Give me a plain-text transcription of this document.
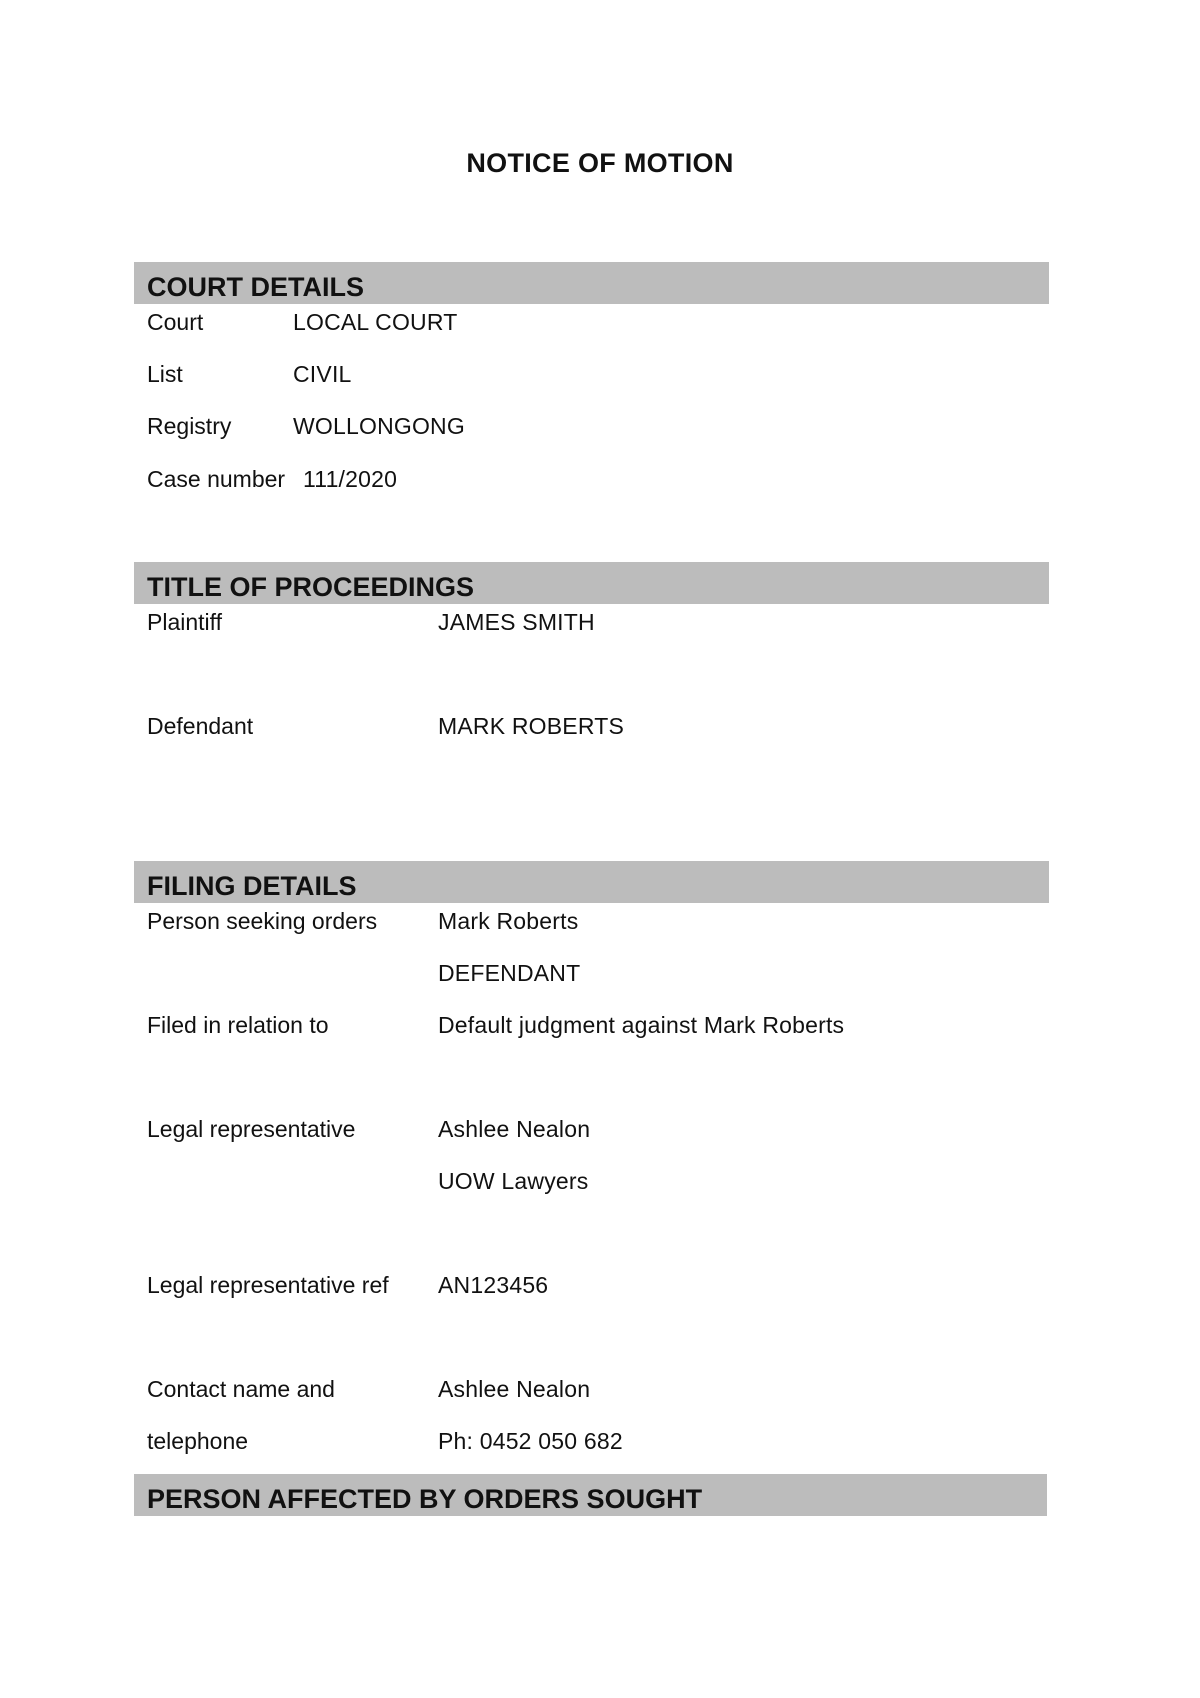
NOTICE OF MOTION
COURT DETAILS
Court	LOCAL COURT
List	CIVIL
Registry	WOLLONGONG
Case number 111/2020
TITLE OF PROCEEDINGS
Plaintiff	JAMES SMITH
Defendant	MARK ROBERTS
FILING DETAILS
Person seeking orders	Mark Roberts
DEFENDANT
Filed in relation to	Default judgment against Mark Roberts
Legal representative	Ashlee Nealon
UOW Lawyers
Legal representative ref AN123456
Contact name and	Ashlee Nealon
telephone	Ph: 0452 050 682
PERSON AFFECTED BY ORDERS SOUGHT
